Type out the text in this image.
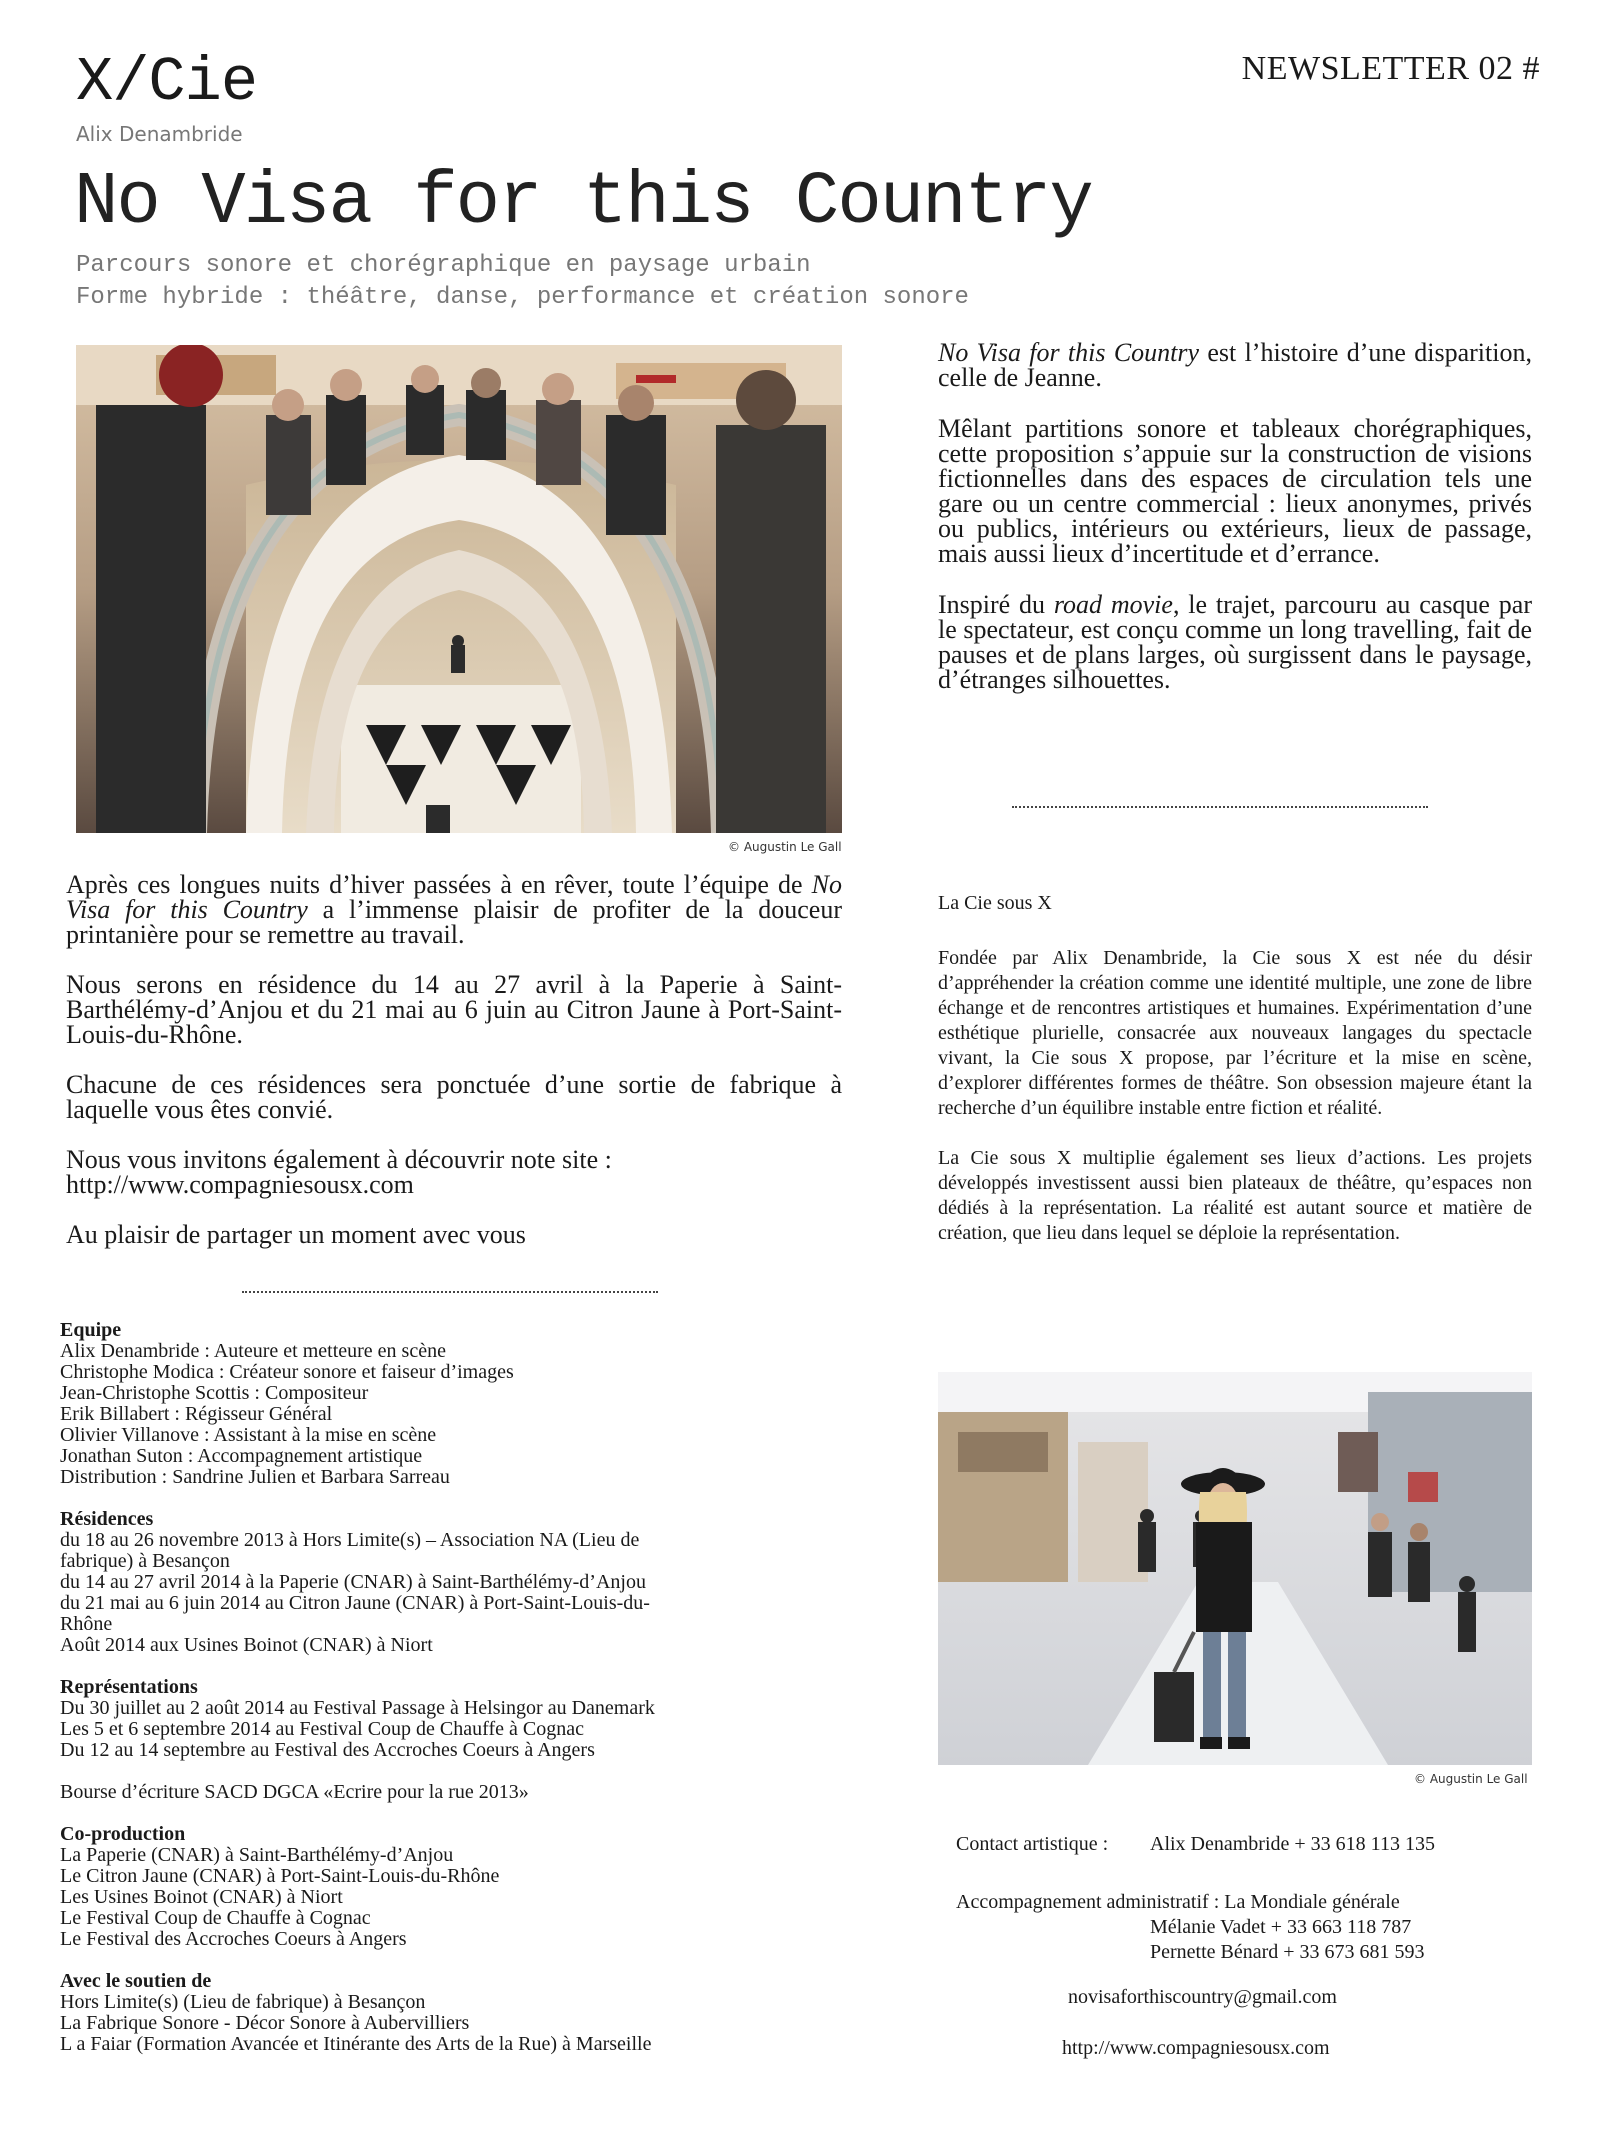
X/Cie
Alix Denambride
NEWSLETTER 02 #
No Visa for this Country
Parcours sonore et chorégraphique en paysage urbain
Forme hybride : théâtre, danse, performance et création sonore
© Augustin Le Gall

No Visa for this Country est l’histoire d’une disparition, celle de Jeanne.

Mêlant partitions sonore et tableaux chorégraphiques, cette proposition s’appuie sur la construction de visions fictionnelles dans des espaces de circulation tels une gare ou un centre commercial : lieux anonymes, privés ou publics, intérieurs ou extérieurs, lieux de passage, mais aussi lieux d’incertitude et d’errance.

Inspiré du road movie, le trajet, parcouru au casque par le spectateur, est conçu comme un long travelling, fait de pauses et de plans larges, où surgissent dans le paysage, d’étranges silhouettes.

Après ces longues nuits d’hiver passées à en rêver, toute l’équipe de No Visa for this Country a l’immense plaisir de profiter de la douceur printanière pour se remettre au travail.

Nous serons en résidence du 14 au 27 avril à la Paperie à Saint-Barthélémy-d’Anjou et du 21 mai au 6 juin au Citron Jaune à Port-Saint-Louis-du-Rhône.

Chacune de ces résidences sera ponctuée d’une sortie de fabrique à laquelle vous êtes convié.

Nous vous invitons également à découvrir note site :
http://www.compagniesousx.com

Au plaisir de partager un moment avec vous

La Cie sous X

Fondée par Alix Denambride, la Cie sous X est née du désir d’appréhender la création comme une identité multiple, une zone de libre échange et de rencontres artistiques et humaines. Expérimentation d’une esthétique plurielle, consacrée aux nouveaux langages du spectacle vivant, la Cie sous X propose, par l’écriture et la mise en scène, d’explorer différentes formes de théâtre. Son obsession majeure étant la recherche d’un équilibre instable entre fiction et réalité.

La Cie sous X multiplie également ses lieux d’actions. Les projets développés investissent aussi bien plateaux de théâtre, qu’espaces non dédiés à la représentation. La réalité est autant source et matière de création, que lieu dans lequel se déploie la représentation.

Equipe
Alix Denambride : Auteure et metteure en scène
Christophe Modica : Créateur sonore et faiseur d’images
Jean-Christophe Scottis : Compositeur
Erik Billabert : Régisseur Général
Olivier Villanove : Assistant à la mise en scène
Jonathan Suton : Accompagnement artistique
Distribution : Sandrine Julien et Barbara Sarreau
Résidences
du 18 au 26 novembre 2013 à Hors Limite(s) – Association NA (Lieu de
fabrique) à Besançon
du 14 au 27 avril 2014 à la Paperie (CNAR) à Saint-Barthélémy-d’Anjou
du 21 mai au 6 juin 2014 au Citron Jaune (CNAR) à Port-Saint-Louis-du-
Rhône
Août 2014 aux Usines Boinot (CNAR) à Niort
Représentations
Du 30 juillet au 2 août 2014 au Festival Passage à Helsingor au Danemark
Les 5 et 6 septembre 2014 au Festival Coup de Chauffe à Cognac
Du 12 au 14 septembre au Festival des Accroches Coeurs à Angers
Bourse d’écriture SACD DGCA «Ecrire pour la rue 2013»
Co-production
La Paperie (CNAR) à Saint-Barthélémy-d’Anjou
Le Citron Jaune (CNAR) à Port-Saint-Louis-du-Rhône
Les Usines Boinot (CNAR) à Niort
Le Festival Coup de Chauffe à Cognac
Le Festival des Accroches Coeurs à Angers
Avec le soutien de
Hors Limite(s) (Lieu de fabrique) à Besançon
La Fabrique Sonore - Décor Sonore à Aubervilliers
L a Faiar (Formation Avancée et Itinérante des Arts de la Rue) à Marseille
© Augustin Le Gall
Contact artistique : Alix Denambride + 33 618 113 135
Accompagnement administratif : La Mondiale générale
Mélanie Vadet + 33 663 118 787
Pernette Bénard + 33 673 681 593
novisaforthiscountry@gmail.com
http://www.compagniesousx.com
